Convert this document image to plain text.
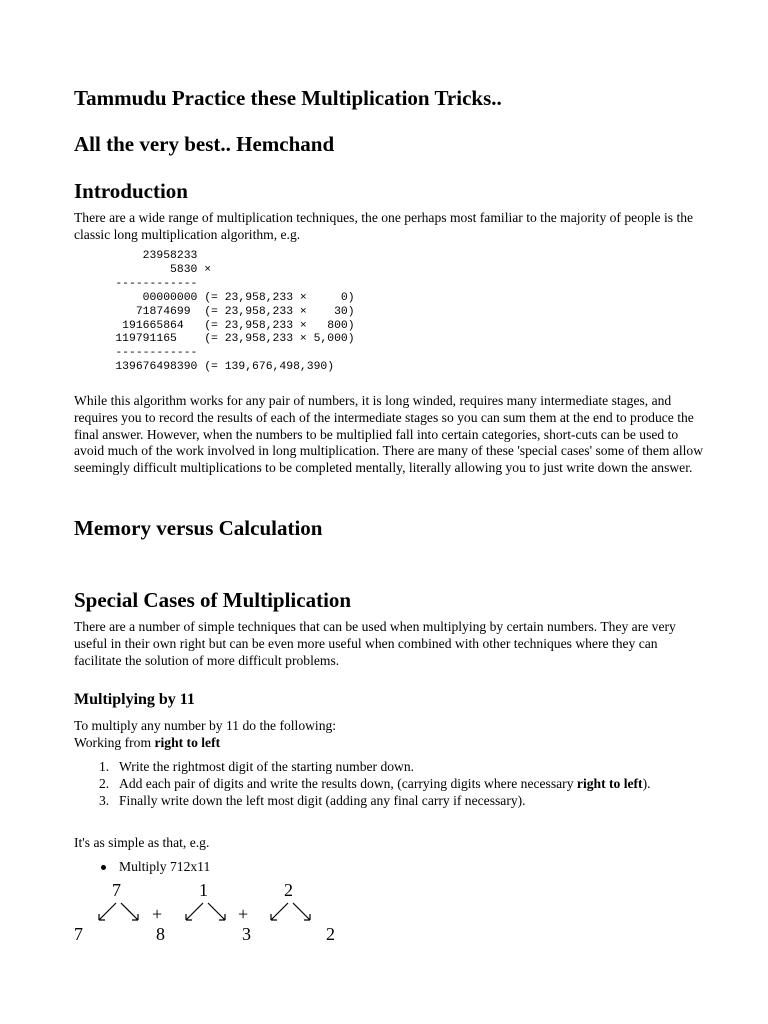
Tammudu Practice these Multiplication Tricks..
All the very best.. Hemchand
Introduction

There are a wide range of multiplication techniques, the one perhaps most familiar to the majority of people is the classic long multiplication algorithm, e.g.

23958233
5830 ×
------------
00000000 (= 23,958,233 ×     0)
71874699  (= 23,958,233 ×    30)
191665864   (= 23,958,233 ×   800)
119791165    (= 23,958,233 × 5,000)
------------
139676498390 (= 139,676,498,390)

While this algorithm works for any pair of numbers, it is long winded, requires many intermediate stages, and requires you to record the results of each of the intermediate stages so you can sum them at the end to produce the final answer. However, when the numbers to be multiplied fall into certain categories, short-cuts can be used to avoid much of the work involved in long multiplication. There are many of these 'special cases' some of them allow seemingly difficult multiplications to be completed mentally, literally allowing you to just write down the answer.

Memory versus Calculation
Special Cases of Multiplication

There are a number of simple techniques that can be used when multiplying by certain numbers. They are very useful in their own right but can be even more useful when combined with other techniques where they can facilitate the solution of more difficult problems.

Multiplying by 11

To multiply any number by 11 do the following:

Working from right to left

1. Write the rightmost digit of the starting number down.
2. Add each pair of digits and write the results down, (carrying digits where necessary right to left).
3. Finally write down the left most digit (adding any final carry if necessary).

It's as simple as that, e.g.

Multiply 712x11
7	1	2
+	+
7	8	3	2
